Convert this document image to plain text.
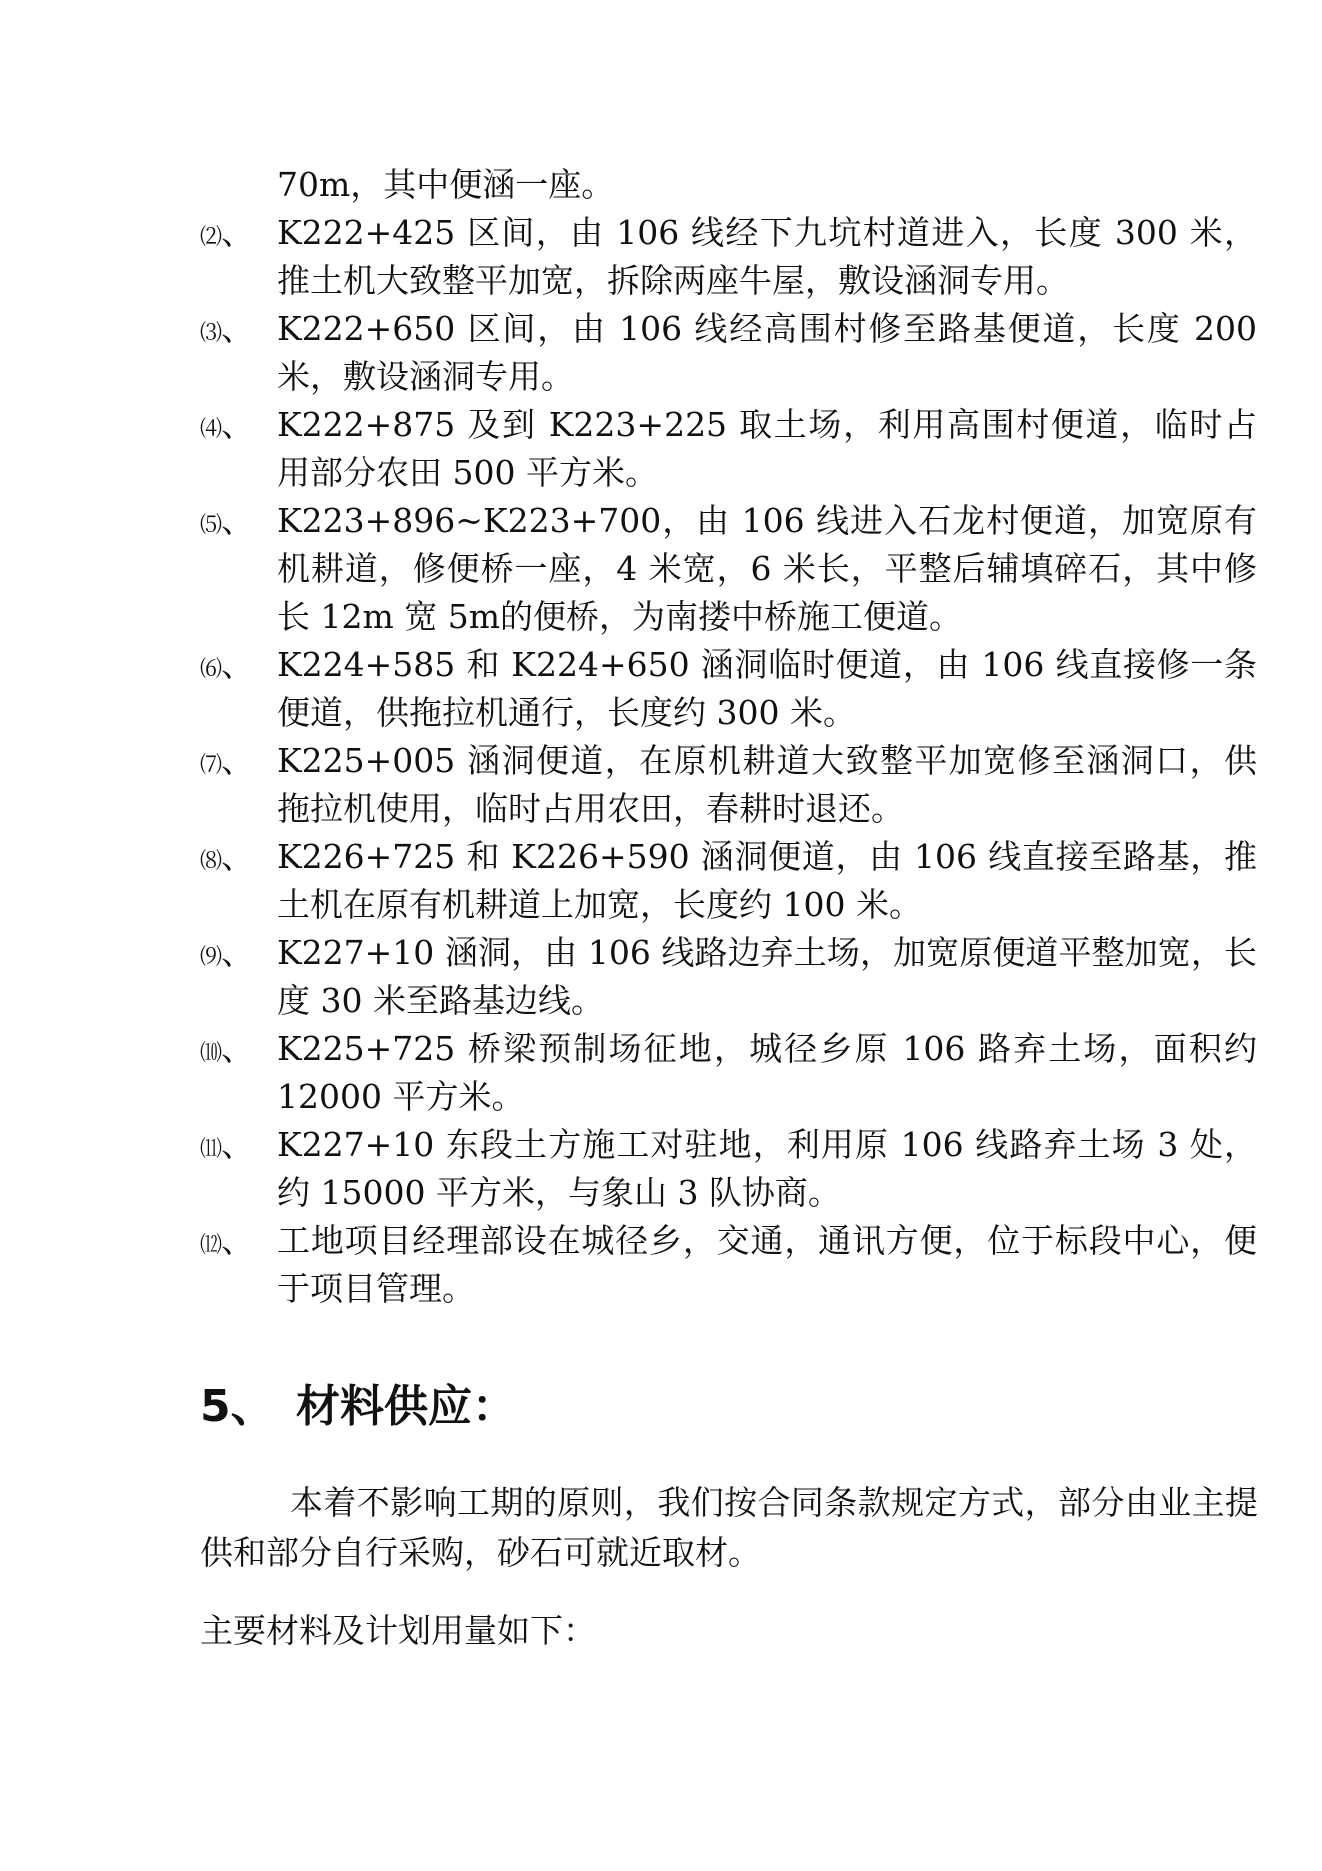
70m，其中便涵一座。
⑵、 K222+425 区间，由 106 线经下九坑村道进入，长度 300 米，推土机大致整平加宽，拆除两座牛屋，敷设涵洞专用。
⑶、 K222+650 区间，由 106 线经高围村修至路基便道，长度 200 米，敷设涵洞专用。
⑷、 K222+875 及到 K223+225 取土场，利用高围村便道，临时占用部分农田 500 平方米。
⑸、 K223+896~K223+700，由 106 线进入石龙村便道，加宽原有机耕道，修便桥一座，4 米宽，6 米长，平整后辅填碎石，其中修长 12m 宽 5m的便桥，为南搂中桥施工便道。
⑹、 K224+585 和 K224+650 涵洞临时便道，由 106 线直接修一条便道，供拖拉机通行，长度约 300 米。
⑺、 K225+005 涵洞便道，在原机耕道大致整平加宽修至涵洞口，供拖拉机使用，临时占用农田，春耕时退还。
⑻、 K226+725 和 K226+590 涵洞便道，由 106 线直接至路基，推土机在原有机耕道上加宽，长度约 100 米。
⑼、 K227+10 涵洞，由 106 线路边弃土场，加宽原便道平整加宽，长度 30 米至路基边线。
⑽、 K225+725 桥梁预制场征地，城径乡原 106 路弃土场，面积约 12000 平方米。
⑾、 K227+10 东段土方施工对驻地，利用原 106 线路弃土场 3 处，约 15000 平方米，与象山 3 队协商。
⑿、 工地项目经理部设在城径乡，交通，通讯方便，位于标段中心，便于项目管理。
5、 材料供应：

本着不影响工期的原则，我们按合同条款规定方式，部分由业主提供和部分自行采购，砂石可就近取材。

主要材料及计划用量如下：
